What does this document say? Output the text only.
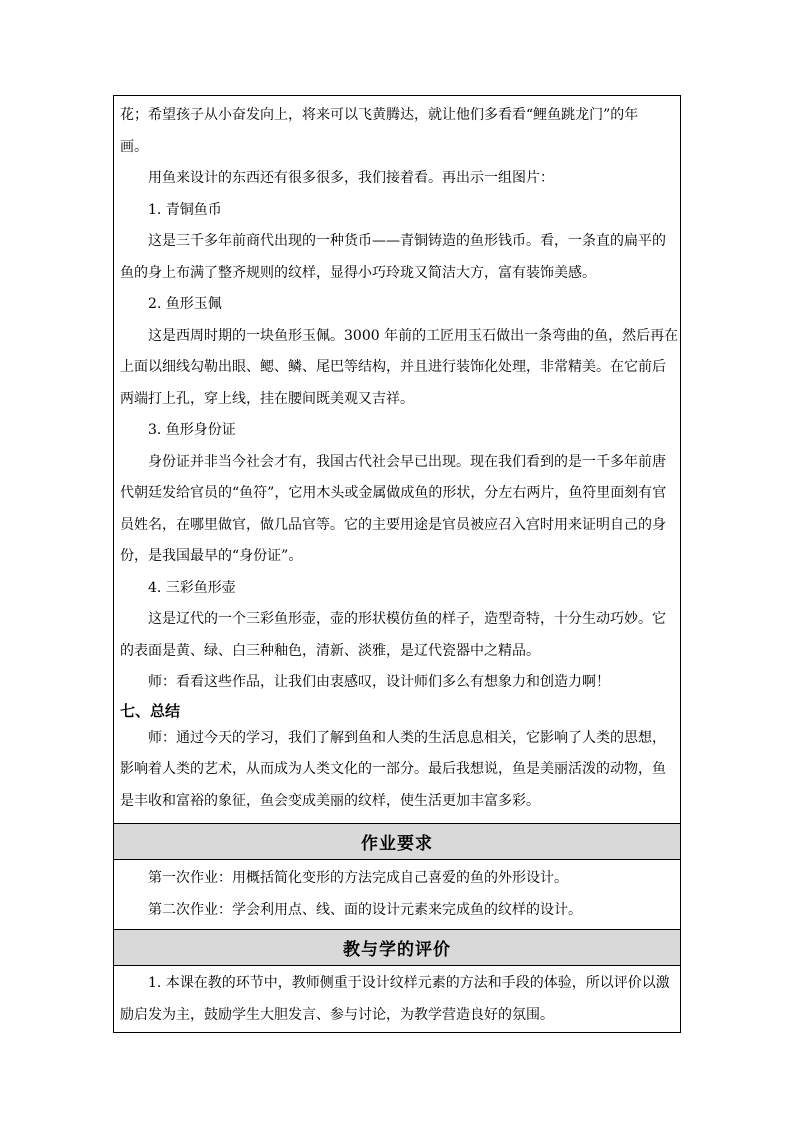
花；希望孩子从小奋发向上，将来可以飞黄腾达，就让他们多看看“鲤鱼跳龙门”的年
画。
用鱼来设计的东西还有很多很多，我们接着看。再出示一组图片：
1. 青铜鱼币
这是三千多年前商代出现的一种货币——青铜铸造的鱼形钱币。看，一条直的扁平的
鱼的身上布满了整齐规则的纹样，显得小巧玲珑又简洁大方，富有装饰美感。
2. 鱼形玉佩
这是西周时期的一块鱼形玉佩。3000 年前的工匠用玉石做出一条弯曲的鱼，然后再在
上面以细线勾勒出眼、鳃、鳞、尾巴等结构，并且进行装饰化处理，非常精美。在它前后
两端打上孔，穿上线，挂在腰间既美观又吉祥。
3. 鱼形身份证
身份证并非当今社会才有，我国古代社会早已出现。现在我们看到的是一千多年前唐
代朝廷发给官员的“鱼符”，它用木头或金属做成鱼的形状，分左右两片，鱼符里面刻有官
员姓名，在哪里做官，做几品官等。它的主要用途是官员被应召入宫时用来证明自己的身
份，是我国最早的“身份证”。
4. 三彩鱼形壶
这是辽代的一个三彩鱼形壶，壶的形状模仿鱼的样子，造型奇特，十分生动巧妙。它
的表面是黄、绿、白三种釉色，清新、淡雅，是辽代瓷器中之精品。
师：看看这些作品，让我们由衷感叹，设计师们多么有想象力和创造力啊！
七、总结
师：通过今天的学习，我们了解到鱼和人类的生活息息相关，它影响了人类的思想，
影响着人类的艺术，从而成为人类文化的一部分。最后我想说，鱼是美丽活泼的动物，鱼
是丰收和富裕的象征，鱼会变成美丽的纹样，使生活更加丰富多彩。
作业要求
第一次作业：用概括简化变形的方法完成自己喜爱的鱼的外形设计。
第二次作业：学会利用点、线、面的设计元素来完成鱼的纹样的设计。
教与学的评价
1. 本课在教的环节中，教师侧重于设计纹样元素的方法和手段的体验，所以评价以激
励启发为主，鼓励学生大胆发言、参与讨论，为教学营造良好的氛围。
